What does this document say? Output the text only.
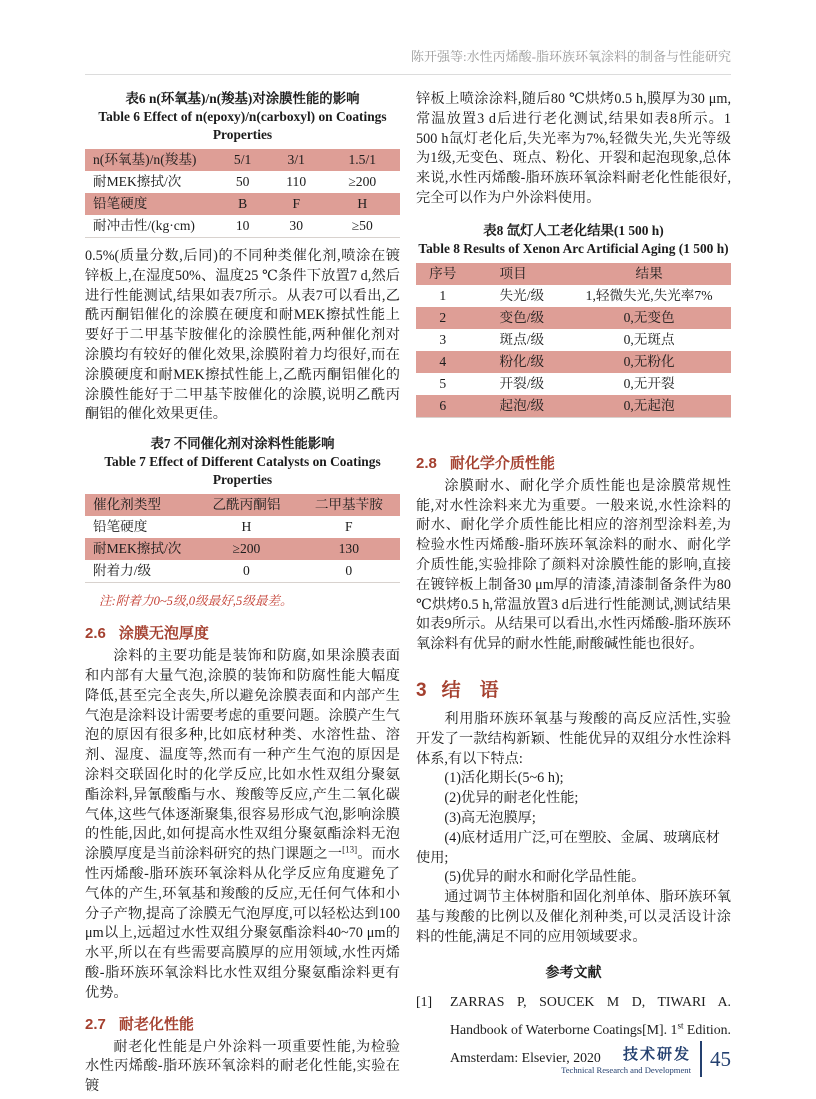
陈开强等:水性丙烯酸-脂环族环氧涂料的制备与性能研究
表6 n(环氧基)/n(羧基)对涂膜性能的影响
Table 6 Effect of n(epoxy)/n(carboxyl) on Coatings Properties
n(环氧基)/n(羧基)	5/1	3/1	1.5/1
耐MEK擦拭/次	50	110	≥200
铅笔硬度	B	F	H
耐冲击性/(kg·cm)	10	30	≥50

0.5%(质量分数,后同)的不同种类催化剂,喷涂在镀锌板上,在湿度50%、温度25 ℃条件下放置7 d,然后进行性能测试,结果如表7所示。从表7可以看出,乙酰丙酮铝催化的涂膜在硬度和耐MEK擦拭性能上要好于二甲基苄胺催化的涂膜性能,两种催化剂对涂膜均有较好的催化效果,涂膜附着力均很好,而在涂膜硬度和耐MEK擦拭性能上,乙酰丙酮铝催化的涂膜性能好于二甲基苄胺催化的涂膜,说明乙酰丙酮铝的催化效果更佳。

表7 不同催化剂对涂料性能影响
Table 7 Effect of Different Catalysts on Coatings Properties
催化剂类型	乙酰丙酮铝	二甲基苄胺
铅笔硬度	H	F
耐MEK擦拭/次	≥200	130
附着力/级	0	0
注:附着力0~5级,0级最好,5级最差。
2.6 涂膜无泡厚度

涂料的主要功能是装饰和防腐,如果涂膜表面和内部有大量气泡,涂膜的装饰和防腐性能大幅度降低,甚至完全丧失,所以避免涂膜表面和内部产生气泡是涂料设计需要考虑的重要问题。涂膜产生气泡的原因有很多种,比如底材种类、水溶性盐、溶剂、湿度、温度等,然而有一种产生气泡的原因是涂料交联固化时的化学反应,比如水性双组分聚氨酯涂料,异氰酸酯与水、羧酸等反应,产生二氧化碳气体,这些气体逐渐聚集,很容易形成气泡,影响涂膜的性能,因此,如何提高水性双组分聚氨酯涂料无泡涂膜厚度是当前涂料研究的热门课题之一[13]。而水性丙烯酸-脂环族环氧涂料从化学反应角度避免了气体的产生,环氧基和羧酸的反应,无任何气体和小分子产物,提高了涂膜无气泡厚度,可以轻松达到100 μm以上,远超过水性双组分聚氨酯涂料40~70 μm的水平,所以在有些需要高膜厚的应用领域,水性丙烯酸-脂环族环氧涂料比水性双组分聚氨酯涂料更有优势。

2.7 耐老化性能

耐老化性能是户外涂料一项重要性能,为检验水性丙烯酸-脂环族环氧涂料的耐老化性能,实验在镀

锌板上喷涂涂料,随后80 ℃烘烤0.5 h,膜厚为30 μm,常温放置3 d后进行老化测试,结果如表8所示。1 500 h氙灯老化后,失光率为7%,轻微失光,失光等级为1级,无变色、斑点、粉化、开裂和起泡现象,总体来说,水性丙烯酸-脂环族环氧涂料耐老化性能很好,完全可以作为户外涂料使用。

表8 氙灯人工老化结果(1 500 h)
Table 8 Results of Xenon Arc Artificial Aging (1 500 h)
序号	项目	结果
1	失光/级	1,轻微失光,失光率7%
2	变色/级	0,无变色
3	斑点/级	0,无斑点
4	粉化/级	0,无粉化
5	开裂/级	0,无开裂
6	起泡/级	0,无起泡
2.8 耐化学介质性能

涂膜耐水、耐化学介质性能也是涂膜常规性能,对水性涂料来尤为重要。一般来说,水性涂料的耐水、耐化学介质性能比相应的溶剂型涂料差,为检验水性丙烯酸-脂环族环氧涂料的耐水、耐化学介质性能,实验排除了颜料对涂膜性能的影响,直接在镀锌板上制备30 μm厚的清漆,清漆制备条件为80 ℃烘烤0.5 h,常温放置3 d后进行性能测试,测试结果如表9所示。从结果可以看出,水性丙烯酸-脂环族环氧涂料有优异的耐水性能,耐酸碱性能也很好。

3 结　语

利用脂环族环氧基与羧酸的高反应活性,实验开发了一款结构新颖、性能优异的双组分水性涂料体系,有以下特点:

(1)活化期长(5~6 h);

(2)优异的耐老化性能;

(3)高无泡膜厚;

(4)底材适用广泛,可在塑胶、金属、玻璃底材使用;

(5)优异的耐水和耐化学品性能。

通过调节主体树脂和固化剂单体、脂环族环氧基与羧酸的比例以及催化剂种类,可以灵活设计涂料的性能,满足不同的应用领域要求。

参考文献
[1]	ZARRAS P, SOUCEK M D, TIWARI A. Handbook of Waterborne Coatings[M]. 1st Edition. Amsterdam: Elsevier, 2020	技术研发
Technical Research and Development 45
